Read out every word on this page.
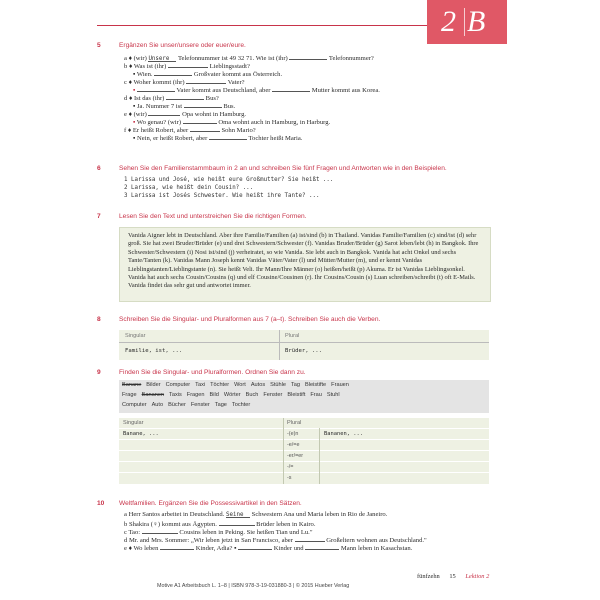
2 B
5	Ergänzen Sie unser/unsere oder euer/eure.
a ♦ (wir) Unsere Telefonnummer ist 49 32 71. Wie ist (ihr)	Telefonnummer?
b ♦ Was ist (ihr)	Lieblingsstadt?
▪ Wien.	Großvater kommt aus Österreich.
c ♦ Woher kommt (ihr)	Vater?
▪	Vater kommt aus Deutschland, aber	Mutter kommt aus Korea.
d ♦ Ist das (ihr)	Bus?
▪ Ja. Nummer 7 ist	Bus.
e ♦ (wir)	Opa wohnt in Hamburg.
▪ Wo genau? (wir)	Oma wohnt auch in Hamburg, in Harburg.
f ♦ Er heißt Robert, aber	Sohn Mario?
▪ Nein, er heißt Robert, aber	Tochter heißt Maria.
6	Sehen Sie den Familienstammbaum in 2 an und schreiben Sie fünf Fragen und Antworten wie in den Beispielen.
1 Larissa und José, wie heißt eure Großmutter? Sie heißt ...
2 Larissa, wie heißt dein Cousin? ...
3 Larissa ist Josés Schwester. Wie heißt ihre Tante? ...
7	Lesen Sie den Text und unterstreichen Sie die richtigen Formen.

Vanida Aigner lebt in Deutschland. Aber ihre Familie/Familien (a) ist/sind (b) in Thailand. Vanidas Familie/Familien (c) sind/ist (d) sehr groß. Sie hat zwei Bruder/Brüder (e) und drei Schwestern/Schwester (f). Vanidas Bruder/Brüder (g) Sarot leben/lebt (h) in Bangkok. Ihre Schwester/Schwestern (i) Nosi ist/sind (j) verheiratet, so wie Vanida. Sie lebt auch in Bangkok. Vanida hat acht Onkel und sechs Tante/Tanten (k). Vanidas Mann Joseph kennt Vanidas Väter/Vater (l) und Mütter/Mutter (m), und er kennt Vanidas Lieblingstanten/Lieblingstante (n). Sie heißt Veli. Ihr Mann/Ihre Männer (o) heißen/heißt (p) Akuma. Er ist Vanidas Lieblingsonkel. Vanida hat auch sechs Cousin/Cousins (q) und elf Cousine/Cousinen (r). Ihr Cousins/Cousin (s) Luan schreiben/schreibt (t) oft E-Mails. Vanida findet das sehr gut und antwortet immer.

8	Schreiben Sie die Singular- und Pluralformen aus 7 (a–t). Schreiben Sie auch die Verben.
Singular	Plural
Familie, ist, ...	Brüder, ...
9	Finden Sie die Singular- und Pluralformen. Ordnen Sie dann zu.
Banane Bilder Computer Taxi Töchter Wort Autos Stühle Tag Bleistifte Frauen
Frage Bananen Taxis Fragen Bild Wörter Buch Fenster Bleistift Frau Stuhl
Computer Auto Bücher Fenster Tage Tochter
Singular	Plural
Banane, ...	Bananen, ...
-(e)n
-e/=e
-er/=er
-/=
-s
10 Weltfamilien. Ergänzen Sie die Possessivartikel in den Sätzen.
a Herr Santos arbeitet in Deutschland. Seine Schwestern Ana und Maria leben in Rio de Janeiro.
b Shakira (♀) kommt aus Ägypten.	Brüder leben in Kairo.
c Tao:	Cousins leben in Peking. Sie heißen Tian und Lu."
d Mr. and Mrs. Sommer: „Wir leben jetzt in San Francisco, aber	Großeltern wohnen aus Deutschland."
e ♦ Wo leben	Kinder, Adia? ▪	Kinder und	Mann leben in Kasachstan.
fünfzehn 15 Lektion 2
Motive A1 Arbeitsbuch L. 1–8 | ISBN 978-3-19-031880-3 | © 2015 Hueber Verlag
